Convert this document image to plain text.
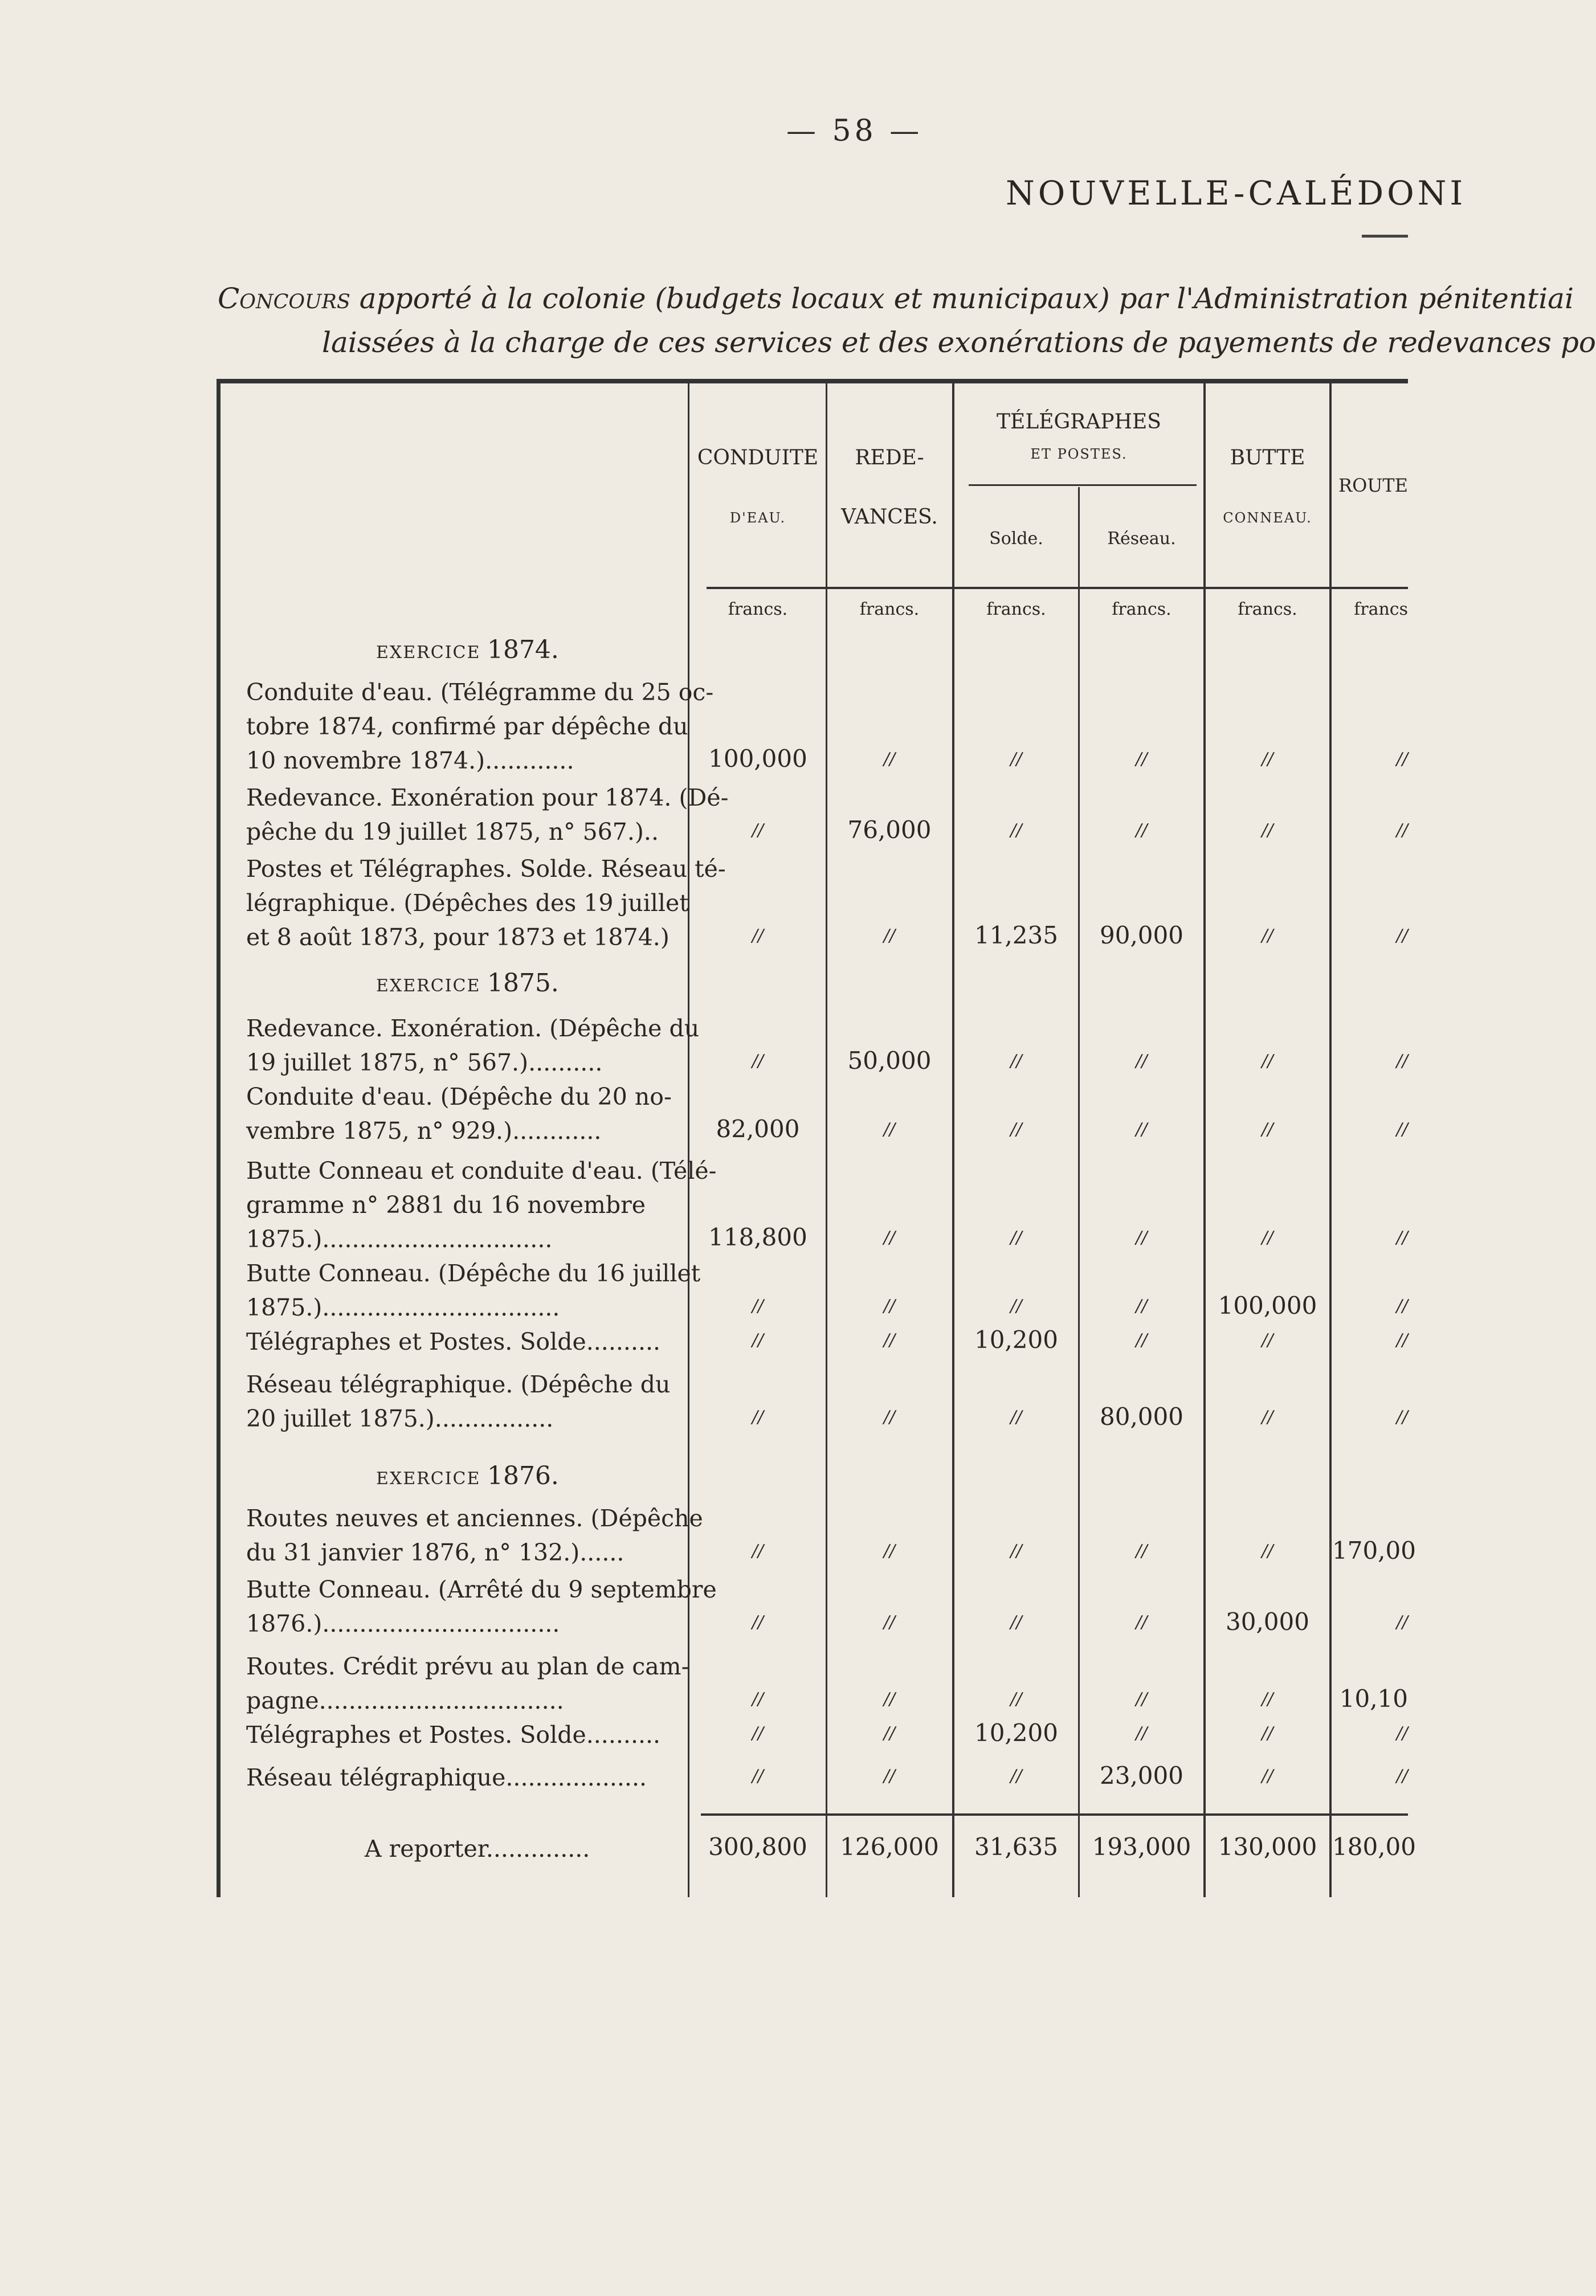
— 58 —
NOUVELLE-CALÉDONI
Concours apporté à la colonie (budgets locaux et municipaux) par l'Administration pénitentiai
laissées à la charge de ces services et des exonérations de payements de redevances po
CONDUITE
D'EAU.
REDE-
VANCES.
TÉLÉGRAPHES
ET POSTES.
Solde.	Réseau.
BUTTE
CONNEAU.
ROUTE
francs.	francs.	francs.	francs.	francs.	francs
EXERCICE 1874.
EXERCICE 1875.
EXERCICE 1876.
Conduite d'eau. (Télégramme du 25 oc-
tobre 1874, confirmé par dépêche du
10 novembre 1874.)............	100,000	//	//	//	//	//
Redevance. Exonération pour 1874. (Dé-
pêche du 19 juillet 1875, n° 567.)..	//	76,000	//	//	//	//
Postes et Télégraphes. Solde. Réseau té-
légraphique. (Dépêches des 19 juillet
et 8 août 1873, pour 1873 et 1874.)	//	//	11,235	90,000	//	//
Redevance. Exonération. (Dépêche du
19 juillet 1875, n° 567.)..........	//	50,000	//	//	//	//
Conduite d'eau. (Dépêche du 20 no-
vembre 1875, n° 929.)............	82,000	//	//	//	//	//
Butte Conneau et conduite d'eau. (Télé-
gramme n° 2881 du 16 novembre
1875.)...............................	118,800	//	//	//	//	//
Butte Conneau. (Dépêche du 16 juillet
1875.)................................	//	//	//	//	100,000	//
Télégraphes et Postes. Solde..........	//	//	10,200	//	//	//
Réseau télégraphique. (Dépêche du
20 juillet 1875.)................	//	//	//	80,000	//	//
Routes neuves et anciennes. (Dépêche
du 31 janvier 1876, n° 132.)......	//	//	//	//	//	170,00
Butte Conneau. (Arrêté du 9 septembre
1876.)................................	//	//	//	//	30,000	//
Routes. Crédit prévu au plan de cam-
pagne.................................	//	//	//	//	//	10,10
Télégraphes et Postes. Solde..........	//	//	10,200	//	//	//
Réseau télégraphique...................	//	//	//	23,000	//	//
A reporter..............	300,800	126,000	31,635	193,000	130,000 180,00
